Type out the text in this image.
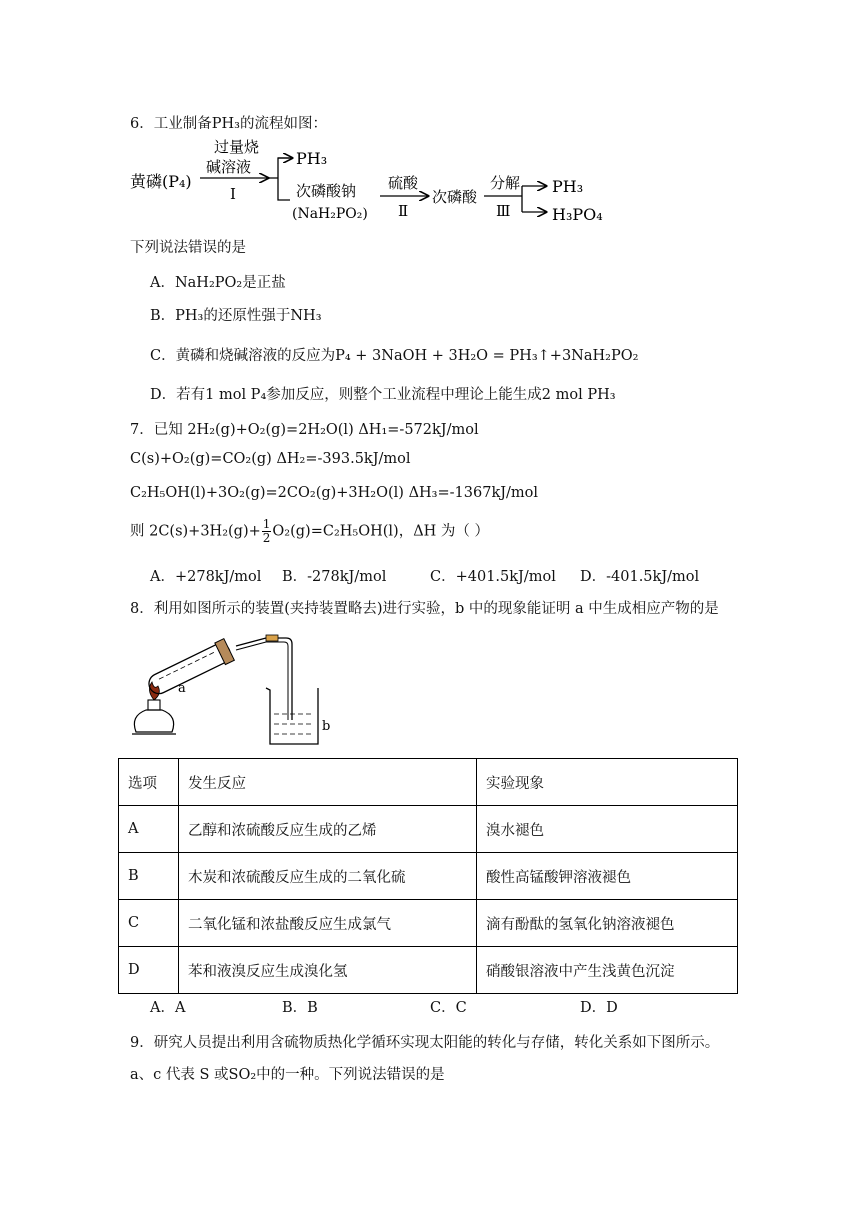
6．工业制备PH₃的流程如图：
黄磷(P₄)
过量烧
碱溶液
Ⅰ
PH₃
次磷酸钠
(NaH₂PO₂)
硫酸
Ⅱ
次磷酸
分解
Ⅲ
PH₃
H₃PO₄
下列说法错误的是
A．NaH₂PO₂是正盐
B．PH₃的还原性强于NH₃
C．黄磷和烧碱溶液的反应为P₄ + 3NaOH + 3H₂O = PH₃↑+3NaH₂PO₂
D．若有1 mol P₄参加反应，则整个工业流程中理论上能生成2 mol PH₃
7．已知 2H₂(g)+O₂(g)=2H₂O(l) ΔH₁=-572kJ/mol
C(s)+O₂(g)=CO₂(g) ΔH₂=-393.5kJ/mol
C₂H₅OH(l)+3O₂(g)=2CO₂(g)+3H₂O(l) ΔH₃=-1367kJ/mol
则 $2C(s)+3H_2(g)+ \frac{1}{2} O_2(g)=C_2H_5OH(l)$，ΔH 为（ ）
A．+278kJ/mol B．-278kJ/mol	C．+401.5kJ/mol D．-401.5kJ/mol
8．利用如图所示的装置(夹持装置略去)进行实验，b 中的现象能证明 a 中生成相应产物的是
a
b
选项	发生反应	实验现象
A	乙醇和浓硫酸反应生成的乙烯	溴水褪色
B	木炭和浓硫酸反应生成的二氧化硫	酸性高锰酸钾溶液褪色
C	二氧化锰和浓盐酸反应生成氯气	滴有酚酞的氢氧化钠溶液褪色
D	苯和液溴反应生成溴化氢	硝酸银溶液中产生浅黄色沉淀
A．A	B．B	C．C	D．D
9．研究人员提出利用含硫物质热化学循环实现太阳能的转化与存储，转化关系如下图所示。
a、c 代表 S 或SO₂中的一种。下列说法错误的是
